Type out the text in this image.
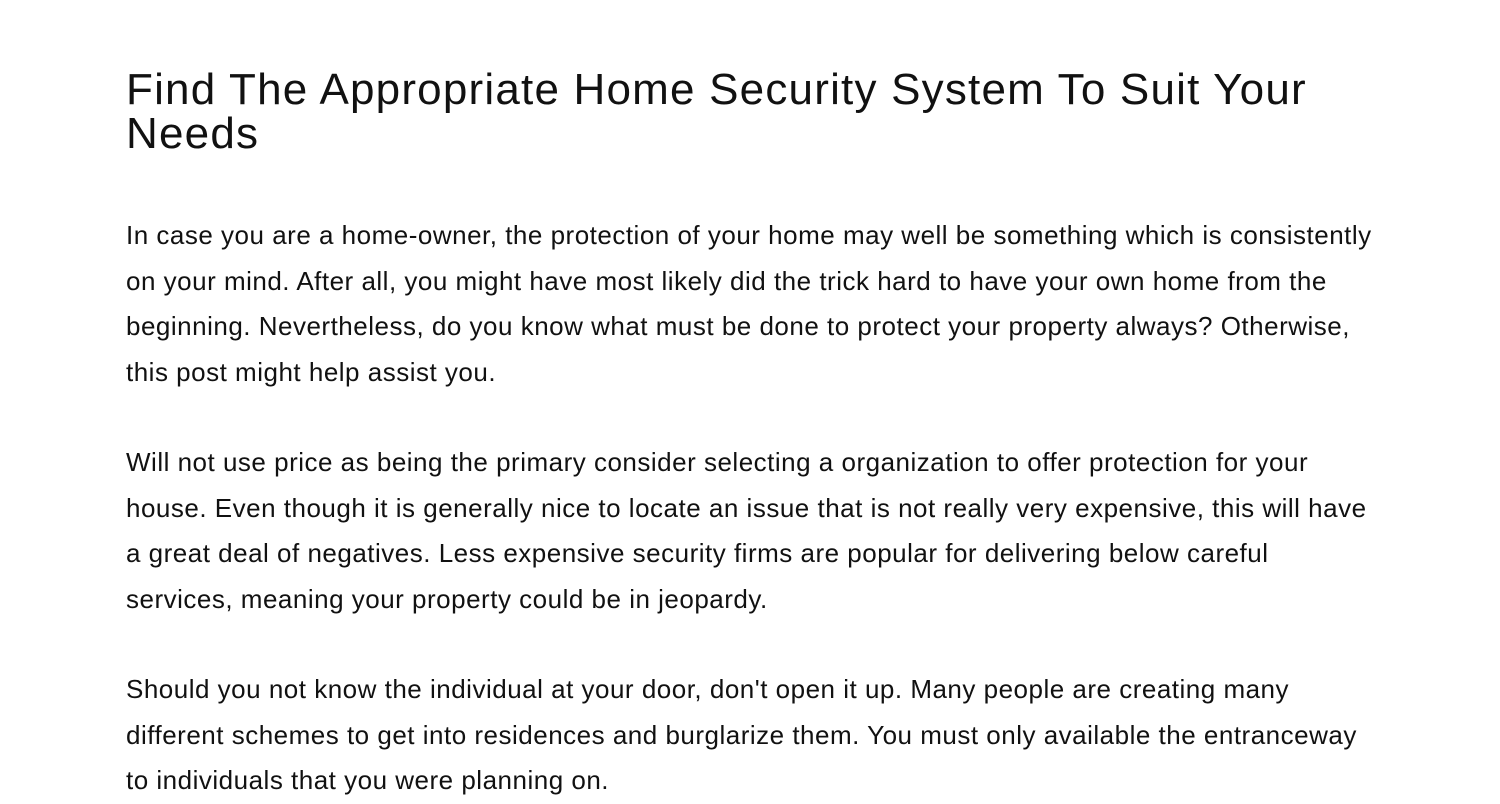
Find The Appropriate Home Security System To Suit Your Needs

In case you are a home-owner, the protection of your home may well be something which is consistently on your mind. After all, you might have most likely did the trick hard to have your own home from the beginning. Nevertheless, do you know what must be done to protect your property always? Otherwise, this post might help assist you.

Will not use price as being the primary consider selecting a organization to offer protection for your house. Even though it is generally nice to locate an issue that is not really very expensive, this will have a great deal of negatives. Less expensive security firms are popular for delivering below careful services, meaning your property could be in jeopardy.

Should you not know the individual at your door, don't open it up. Many people are creating many different schemes to get into residences and burglarize them. You must only available the entranceway to individuals that you were planning on.
